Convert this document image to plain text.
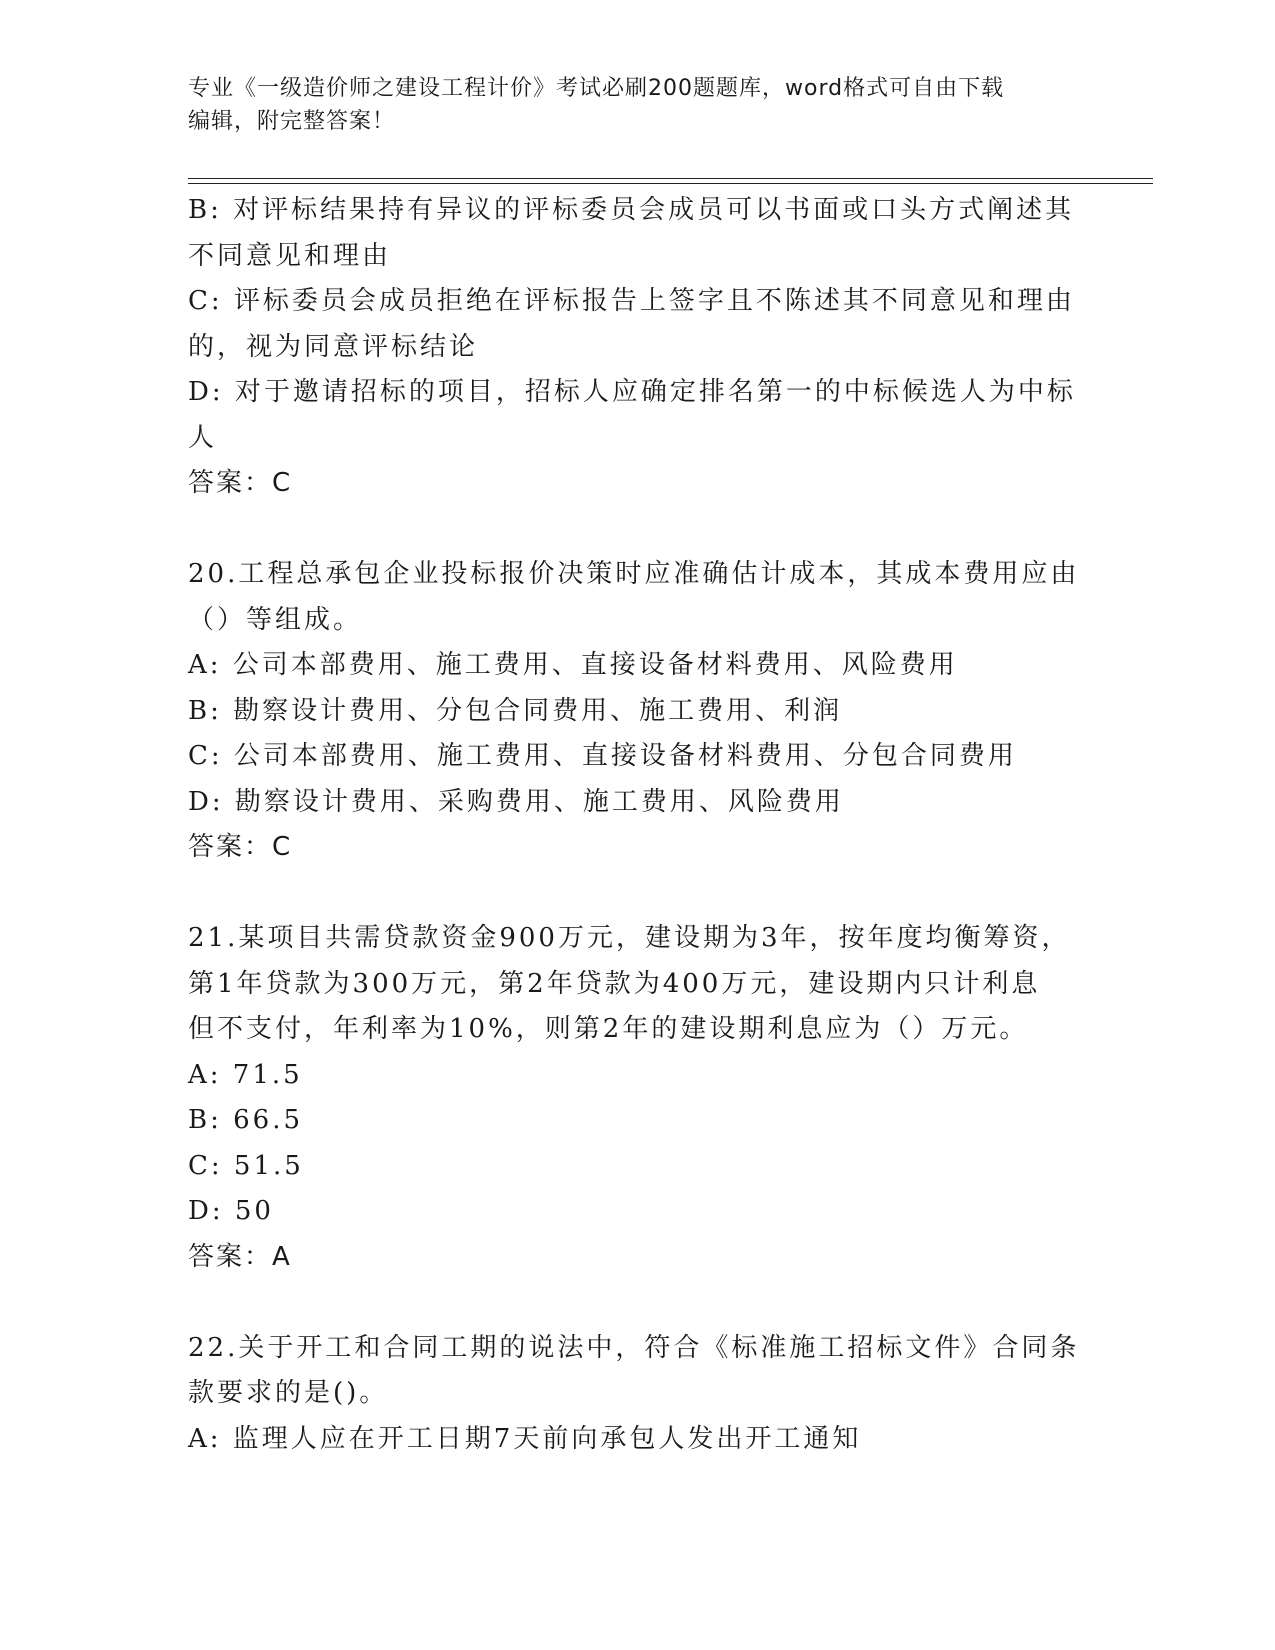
专业《一级造价师之建设工程计价》考试必刷200题题库，word格式可自由下载
编辑，附完整答案！
B: 对评标结果持有异议的评标委员会成员可以书面或口头方式阐述其
不同意见和理由
C: 评标委员会成员拒绝在评标报告上签字且不陈述其不同意见和理由
的，视为同意评标结论
D: 对于邀请招标的项目，招标人应确定排名第一的中标候选人为中标
人
答案：C
20.工程总承包企业投标报价决策时应准确估计成本，其成本费用应由
（）等组成。
A: 公司本部费用、施工费用、直接设备材料费用、风险费用
B: 勘察设计费用、分包合同费用、施工费用、利润
C: 公司本部费用、施工费用、直接设备材料费用、分包合同费用
D: 勘察设计费用、采购费用、施工费用、风险费用
答案：C
21.某项目共需贷款资金900万元，建设期为3年，按年度均衡筹资，
第1年贷款为300万元，第2年贷款为400万元，建设期内只计利息
但不支付，年利率为10%，则第2年的建设期利息应为（）万元。
A: 71.5
B: 66.5
C: 51.5
D: 50
答案：A
22.关于开工和合同工期的说法中，符合《标准施工招标文件》合同条
款要求的是()。
A: 监理人应在开工日期7天前向承包人发出开工通知
